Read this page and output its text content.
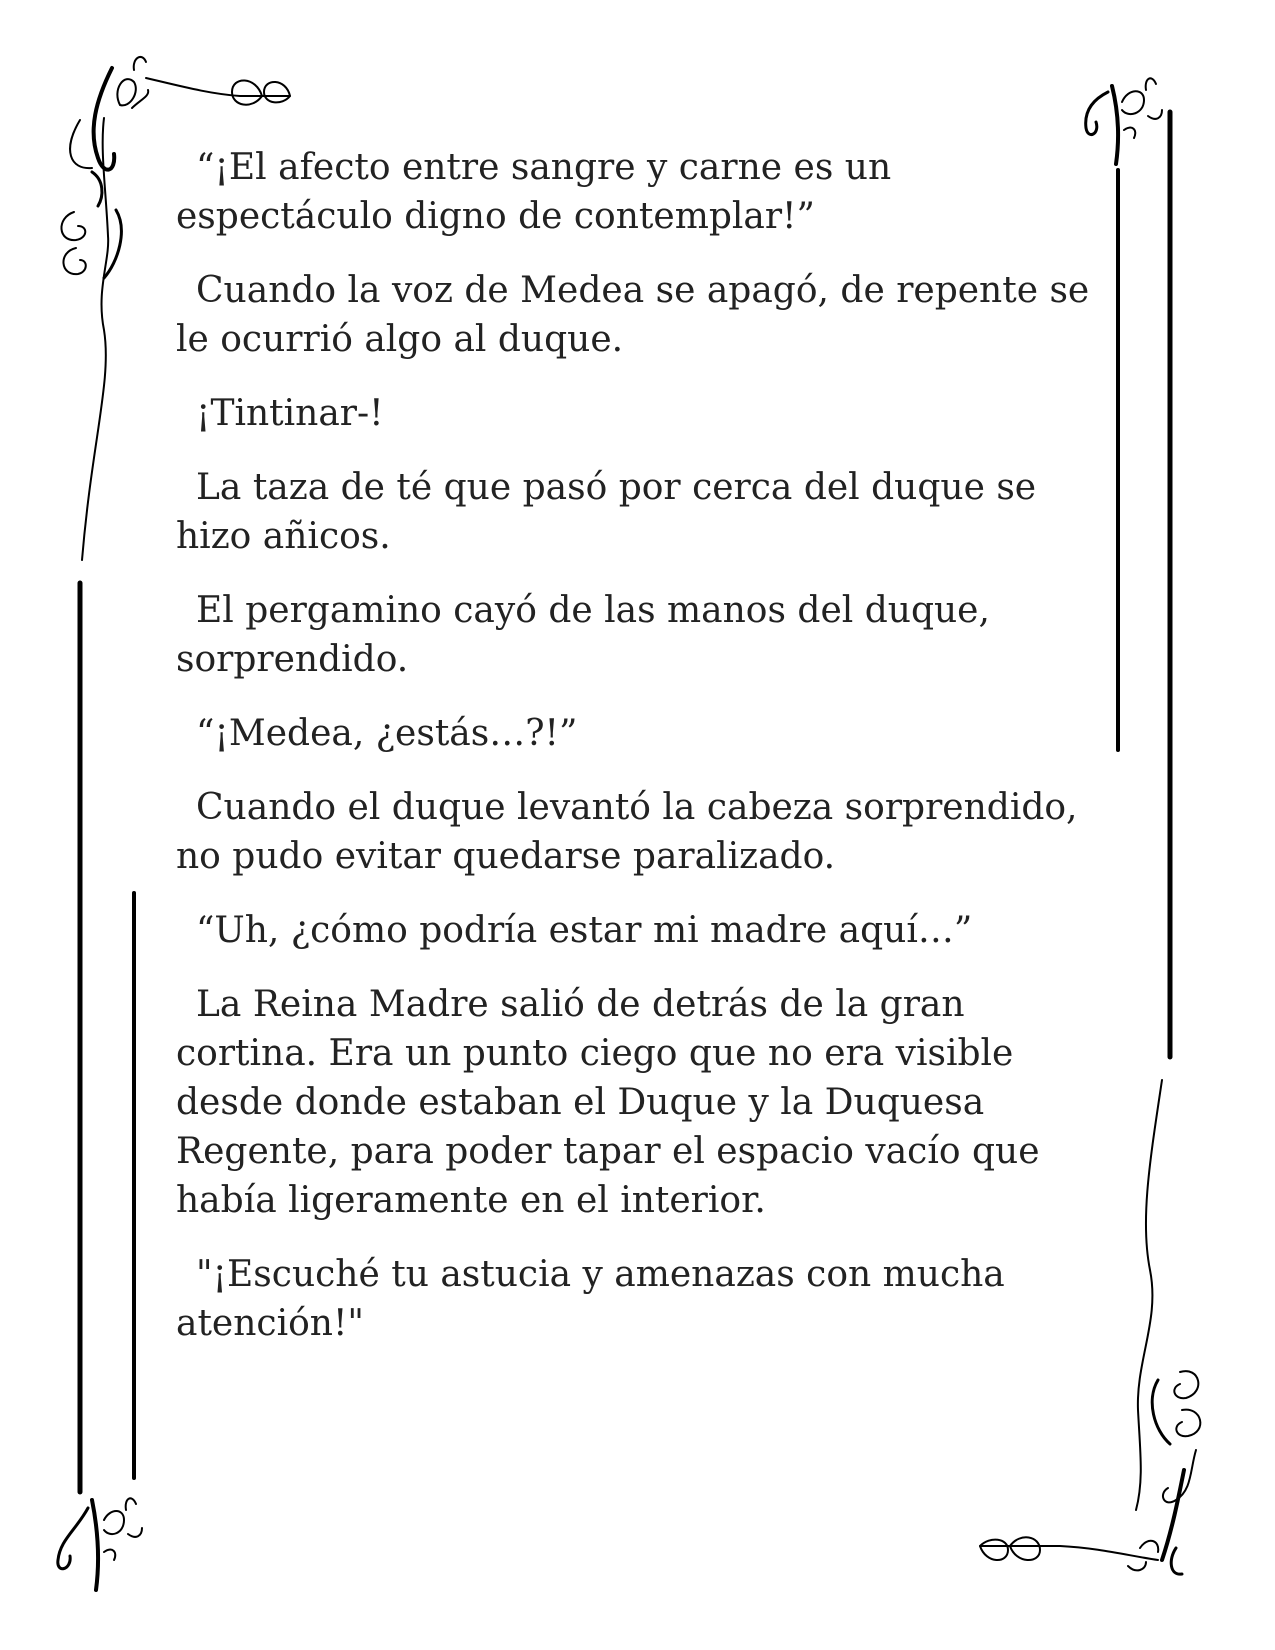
“¡El afecto entre sangre y carne es un espectáculo digno de contemplar!”

Cuando la voz de Medea se apagó, de repente se le ocurrió algo al duque.

¡Tintinar-!

La taza de té que pasó por cerca del duque se hizo añicos.

El pergamino cayó de las manos del duque, sorprendido.

“¡Medea, ¿estás…?!”

Cuando el duque levantó la cabeza sorprendido, no pudo evitar quedarse paralizado.

“Uh, ¿cómo podría estar mi madre aquí…”

La Reina Madre salió de detrás de la gran cortina. Era un punto ciego que no era visible desde donde estaban el Duque y la Duquesa Regente, para poder tapar el espacio vacío que había ligeramente en el interior.

"¡Escuché tu astucia y amenazas con mucha atención!"
